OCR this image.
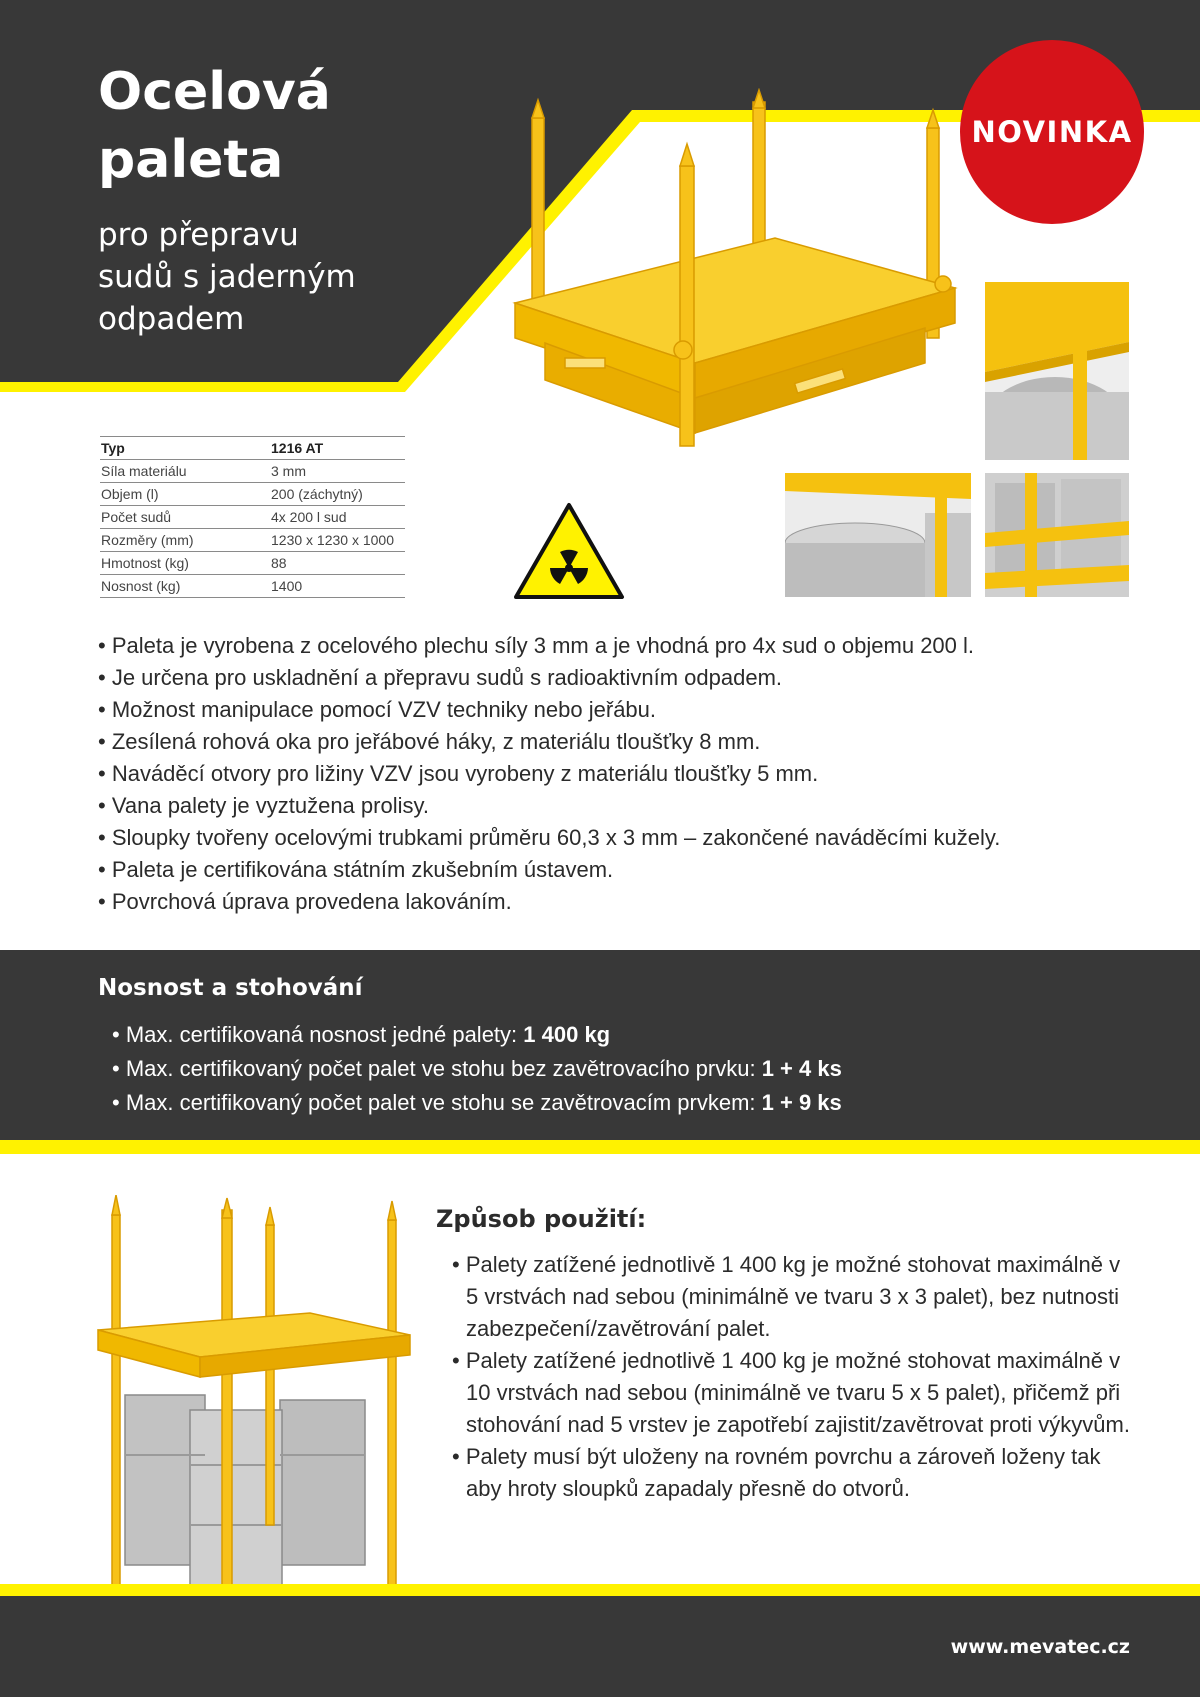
Ocelová
paleta
pro přepravu
sudů s jaderným
odpadem
NOVINKA
Typ	1216 AT
Síla materiálu	3 mm
Objem (l)	200 (záchytný)
Počet sudů	4x 200 l sud
Rozměry (mm)	1230 x 1230 x 1000
Hmotnost (kg)	88
Nosnost (kg)	1400
• Paleta je vyrobena z ocelového plechu síly 3 mm a je vhodná pro 4x sud o objemu 200 l.
• Je určena pro uskladnění a přepravu sudů s radioaktivním odpadem.
• Možnost manipulace pomocí VZV techniky nebo jeřábu.
• Zesílená rohová oka pro jeřábové háky, z materiálu tloušťky 8 mm.
• Naváděcí otvory pro ližiny VZV jsou vyrobeny z materiálu tloušťky 5 mm.
• Vana palety je vyztužena prolisy.
• Sloupky tvořeny ocelovými trubkami průměru 60,3 x 3 mm – zakončené naváděcími kužely.
• Paleta je certifikována státním zkušebním ústavem.
• Povrchová úprava provedena lakováním.
Nosnost a stohování
• Max. certifikovaná nosnost jedné palety: 1 400 kg
• Max. certifikovaný počet palet ve stohu bez zavětrovacího prvku: 1 + 4 ks
• Max. certifikovaný počet palet ve stohu se zavětrovacím prvkem: 1 + 9 ks
Způsob použití:
• Palety zatížené jednotlivě 1 400 kg je možné stohovat maximálně v 5 vrstvách nad sebou (minimálně ve tvaru 3 x 3 palet), bez nutnosti zabezpečení/zavětrování palet.
• Palety zatížené jednotlivě 1 400 kg je možné stohovat maximálně v 10 vrstvách nad sebou (minimálně ve tvaru 5 x 5 palet), přičemž při stohování nad 5 vrstev je zapotřebí zajistit/zavětrovat proti výkyvům.
• Palety musí být uloženy na rovném povrchu a zároveň loženy tak aby hroty sloupků zapadaly přesně do otvorů.
www.mevatec.cz
